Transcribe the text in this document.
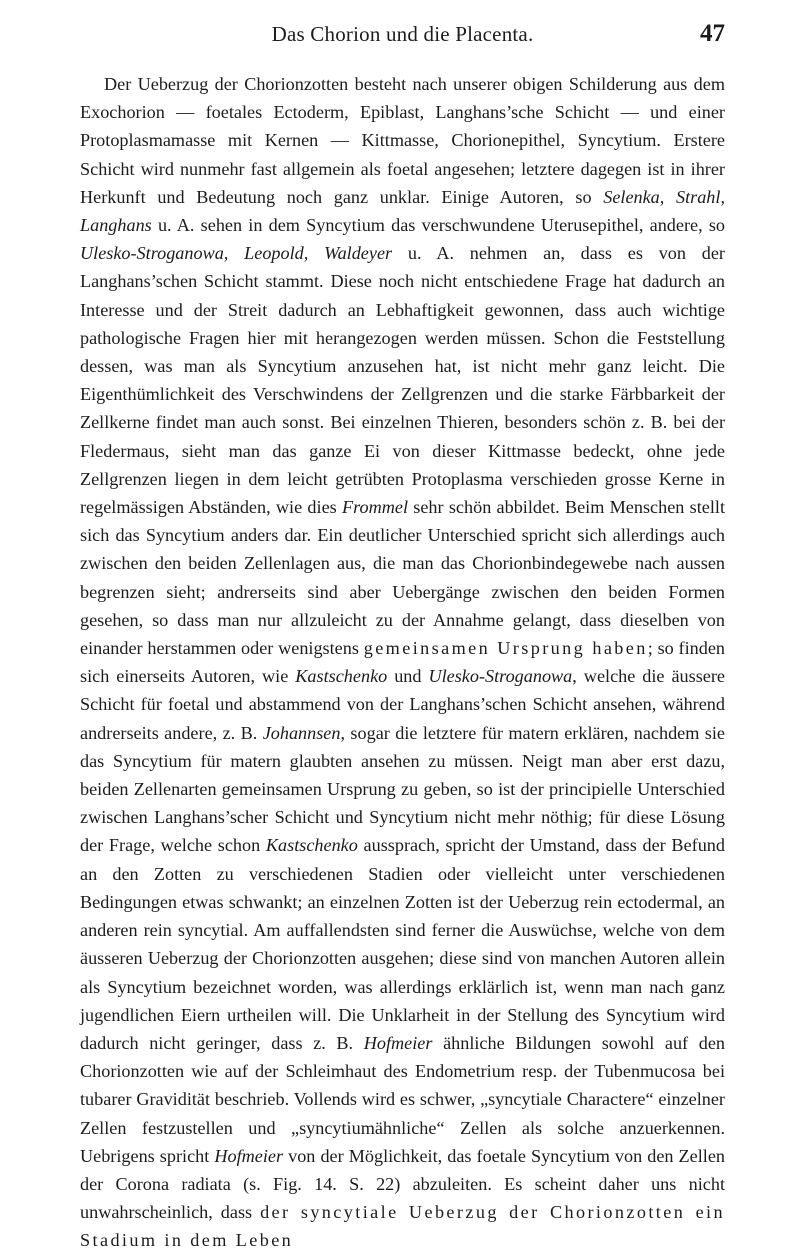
Das Chorion und die Placenta.	47

Der Ueberzug der Chorionzotten besteht nach unserer obigen Schilderung aus dem Exochorion — foetales Ectoderm, Epiblast, Langhans’sche Schicht — und einer Protoplasmamasse mit Kernen — Kittmasse, Chorionepithel, Syncytium. Erstere Schicht wird nunmehr fast allgemein als foetal angesehen; letztere dagegen ist in ihrer Herkunft und Bedeutung noch ganz unklar. Einige Autoren, so Selenka, Strahl, Langhans u. A. sehen in dem Syncytium das verschwundene Uterusepithel, andere, so Ulesko-Stroganowa, Leopold, Waldeyer u. A. nehmen an, dass es von der Langhans’schen Schicht stammt. Diese noch nicht entschiedene Frage hat dadurch an Interesse und der Streit dadurch an Lebhaftigkeit gewonnen, dass auch wichtige pathologische Fragen hier mit herangezogen werden müssen. Schon die Feststellung dessen, was man als Syncytium anzusehen hat, ist nicht mehr ganz leicht. Die Eigenthümlichkeit des Verschwindens der Zellgrenzen und die starke Färbbarkeit der Zellkerne findet man auch sonst. Bei einzelnen Thieren, besonders schön z. B. bei der Fledermaus, sieht man das ganze Ei von dieser Kittmasse bedeckt, ohne jede Zellgrenzen liegen in dem leicht getrübten Protoplasma verschieden grosse Kerne in regelmässigen Abständen, wie dies Frommel sehr schön abbildet. Beim Menschen stellt sich das Syncytium anders dar. Ein deutlicher Unterschied spricht sich allerdings auch zwischen den beiden Zellenlagen aus, die man das Chorionbindegewebe nach aussen begrenzen sieht; andrerseits sind aber Uebergänge zwischen den beiden Formen gesehen, so dass man nur allzuleicht zu der Annahme gelangt, dass dieselben von einander herstammen oder wenigstens gemeinsamen Ursprung haben; so finden sich einerseits Autoren, wie Kastschenko und Ulesko-Stroganowa, welche die äussere Schicht für foetal und abstammend von der Langhans’schen Schicht ansehen, während andrerseits andere, z. B. Johannsen, sogar die letztere für matern erklären, nachdem sie das Syncytium für matern glaubten ansehen zu müssen. Neigt man aber erst dazu, beiden Zellenarten gemeinsamen Ursprung zu geben, so ist der principielle Unterschied zwischen Langhans’scher Schicht und Syncytium nicht mehr nöthig; für diese Lösung der Frage, welche schon Kastschenko aussprach, spricht der Umstand, dass der Befund an den Zotten zu verschiedenen Stadien oder vielleicht unter verschiedenen Bedingungen etwas schwankt; an einzelnen Zotten ist der Ueberzug rein ectodermal, an anderen rein syncytial. Am auffallendsten sind ferner die Auswüchse, welche von dem äusseren Ueberzug der Chorionzotten ausgehen; diese sind von manchen Autoren allein als Syncytium bezeichnet worden, was allerdings erklärlich ist, wenn man nach ganz jugendlichen Eiern urtheilen will. Die Unklarheit in der Stellung des Syncytium wird dadurch nicht geringer, dass z. B. Hofmeier ähnliche Bildungen sowohl auf den Chorionzotten wie auf der Schleimhaut des Endometrium resp. der Tubenmucosa bei tubarer Gravidität beschrieb. Vollends wird es schwer, „syncytiale Charactere“ einzelner Zellen festzustellen und „syncytiumähnliche“ Zellen als solche anzuerkennen. Uebrigens spricht Hofmeier von der Möglichkeit, das foetale Syncytium von den Zellen der Corona radiata (s. Fig. 14. S. 22) abzuleiten. Es scheint daher uns nicht unwahrscheinlich, dass der syncytiale Ueberzug der Chorionzotten ein Stadium in dem Leben
